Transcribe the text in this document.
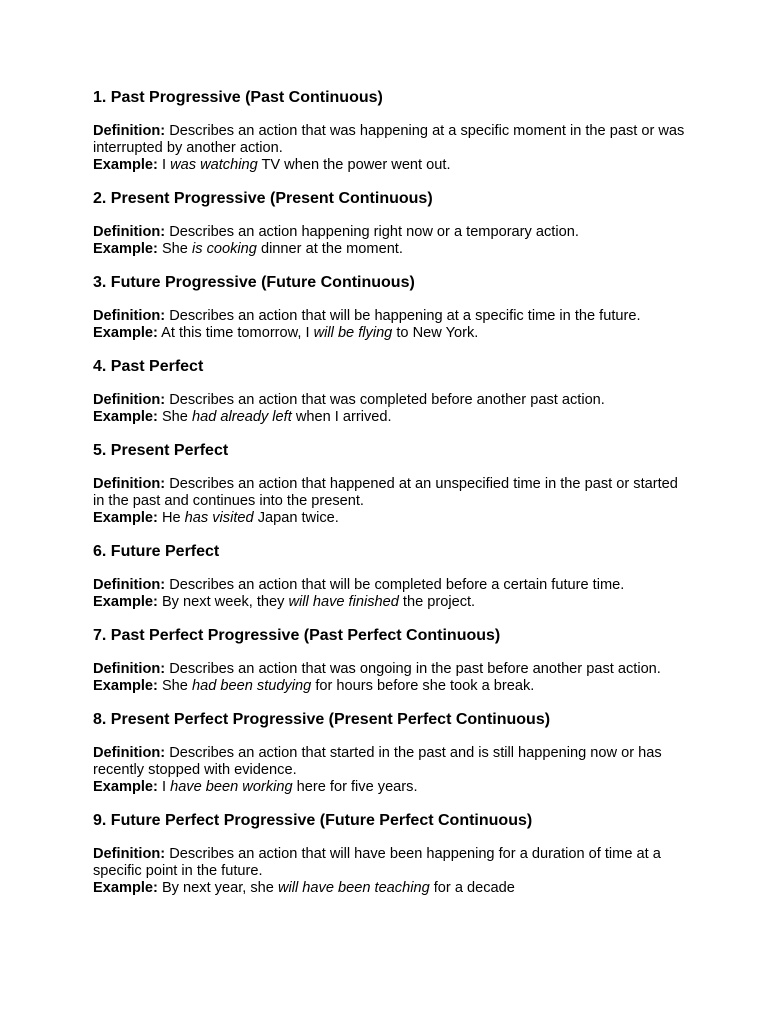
1. Past Progressive (Past Continuous)

Definition: Describes an action that was happening at a specific moment in the past or was interrupted by another action.

Example: I was watching TV when the power went out.

2. Present Progressive (Present Continuous)

Definition: Describes an action happening right now or a temporary action.

Example: She is cooking dinner at the moment.

3. Future Progressive (Future Continuous)

Definition: Describes an action that will be happening at a specific time in the future.

Example: At this time tomorrow, I will be flying to New York.

4. Past Perfect

Definition: Describes an action that was completed before another past action.

Example: She had already left when I arrived.

5. Present Perfect

Definition: Describes an action that happened at an unspecified time in the past or started in the past and continues into the present.

Example: He has visited Japan twice.

6. Future Perfect

Definition: Describes an action that will be completed before a certain future time.

Example: By next week, they will have finished the project.

7. Past Perfect Progressive (Past Perfect Continuous)

Definition: Describes an action that was ongoing in the past before another past action.

Example: She had been studying for hours before she took a break.

8. Present Perfect Progressive (Present Perfect Continuous)

Definition: Describes an action that started in the past and is still happening now or has recently stopped with evidence.

Example: I have been working here for five years.

9. Future Perfect Progressive (Future Perfect Continuous)

Definition: Describes an action that will have been happening for a duration of time at a specific point in the future.

Example: By next year, she will have been teaching for a decade
